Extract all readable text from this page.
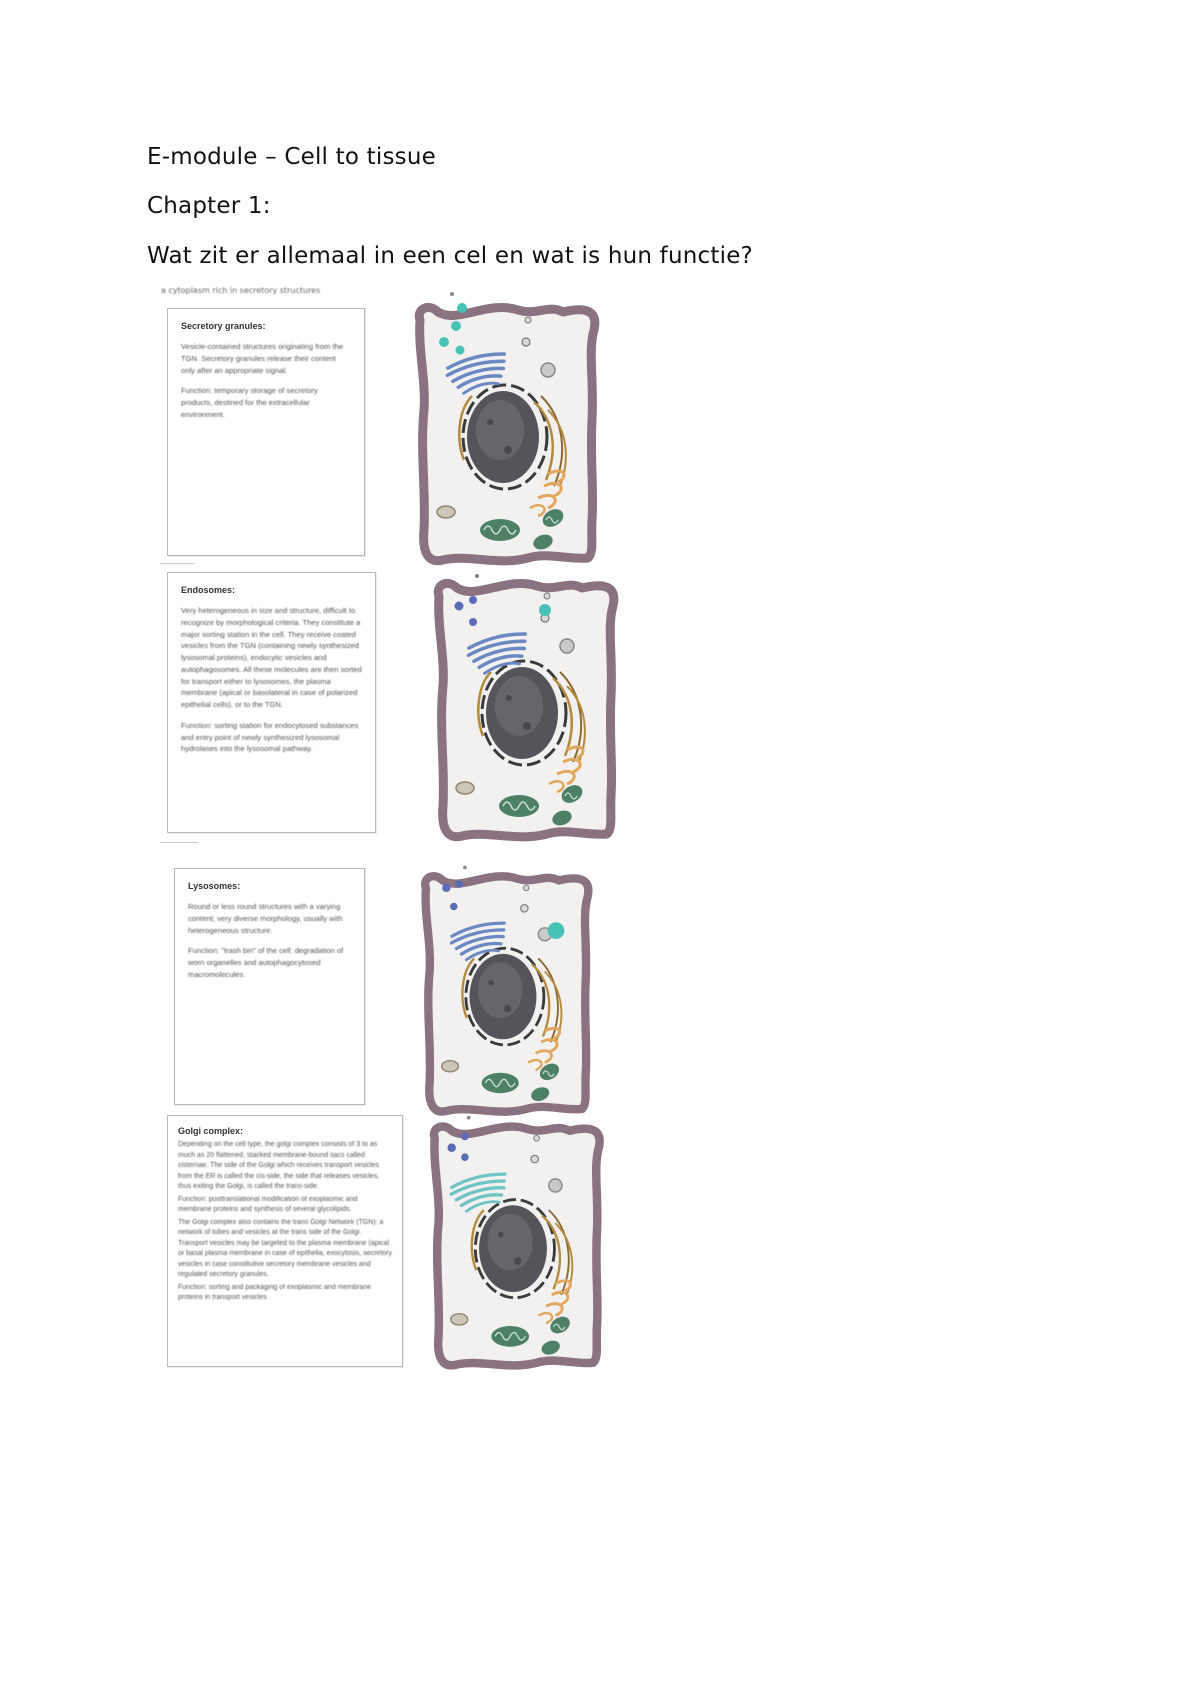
E-module – Cell to tissue
Chapter 1:
Wat zit er allemaal in een cel en wat is hun functie?
a cytoplasm rich in secretory structures
Secretory granules:

Vesicle-contained structures originating from the TGN. Secretory granules release their content only after an appropriate signal.

Function: temporary storage of secretory products, destined for the extracellular environment.

Endosomes:

Very heterogeneous in size and structure, difficult to recognize by morphological criteria. They constitute a major sorting station in the cell. They receive coated vesicles from the TGN (containing newly synthesized lysosomal proteins), endocytic vesicles and autophagosomes. All these molecules are then sorted for transport either to lysosomes, the plasma membrane (apical or basolateral in case of polarized epithelial cells), or to the TGN.

Function: sorting station for endocytosed substances and entry point of newly synthesized lysosomal hydrolases into the lysosomal pathway.

Lysosomes:

Round or less round structures with a varying content; very diverse morphology, usually with heterogeneous structure.

Function: "trash bin" of the cell: degradation of worn organelles and autophagocytosed macromolecules.

Golgi complex:

Depending on the cell type, the golgi complex consists of 3 to as much as 20 flattened, stacked membrane-bound sacs called cisternae. The side of the Golgi which receives transport vesicles from the ER is called the cis-side, the side that releases vesicles, thus exiting the Golgi, is called the trans-side.

Function: posttranslational modification of exoplasmic and membrane proteins and synthesis of several glycolipids.

The Golgi complex also contains the trans Golgi Network (TGN): a network of tubes and vesicles at the trans side of the Golgi. Transport vesicles may be targeted to the plasma membrane (apical or basal plasma membrane in case of epithelia, exocytosis, secretory vesicles in case constitutive secretory membrane vesicles and regulated secretory granules.

Function: sorting and packaging of exoplasmic and membrane proteins in transport vesicles
